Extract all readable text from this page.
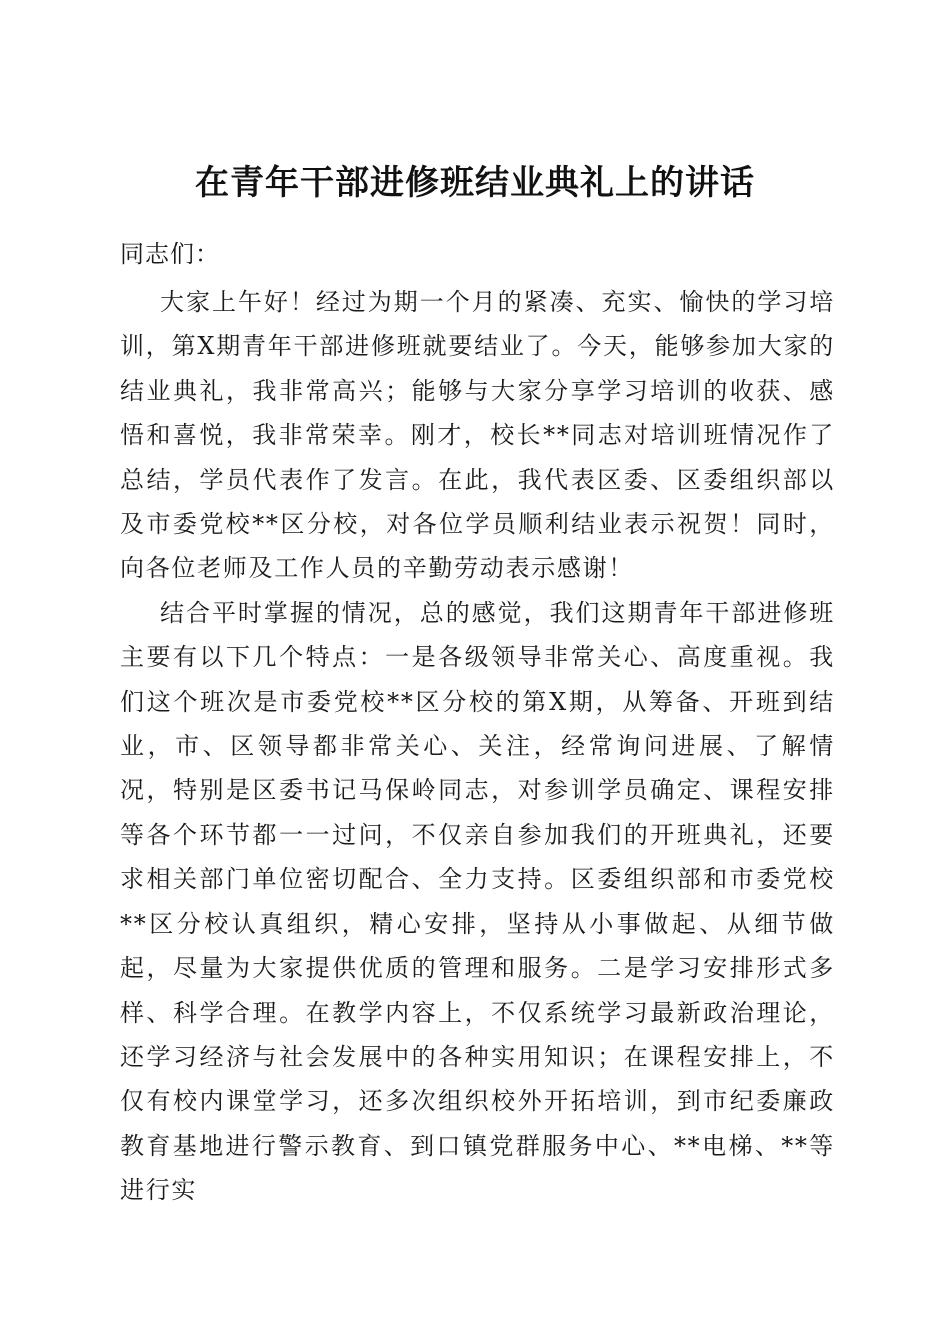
在青年干部进修班结业典礼上的讲话

同志们：

大家上午好！经过为期一个月的紧凑、充实、愉快的学习培训，第X期青年干部进修班就要结业了。今天，能够参加大家的结业典礼，我非常高兴；能够与大家分享学习培训的收获、感悟和喜悦，我非常荣幸。刚才，校长**同志对培训班情况作了总结，学员代表作了发言。在此，我代表区委、区委组织部以及市委党校**区分校，对各位学员顺利结业表示祝贺！同时，向各位老师及工作人员的辛勤劳动表示感谢！

结合平时掌握的情况，总的感觉，我们这期青年干部进修班主要有以下几个特点：一是各级领导非常关心、高度重视。我们这个班次是市委党校**区分校的第X期，从筹备、开班到结业，市、区领导都非常关心、关注，经常询问进展、了解情况，特别是区委书记马保岭同志，对参训学员确定、课程安排等各个环节都一一过问，不仅亲自参加我们的开班典礼，还要求相关部门单位密切配合、全力支持。区委组织部和市委党校**区分校认真组织，精心安排，坚持从小事做起、从细节做起，尽量为大家提供优质的管理和服务。二是学习安排形式多样、科学合理。在教学内容上，不仅系统学习最新政治理论，还学习经济与社会发展中的各种实用知识；在课程安排上，不仅有校内课堂学习，还多次组织校外开拓培训，到市纪委廉政教育基地进行警示教育、到口镇党群服务中心、**电梯、**等进行实
